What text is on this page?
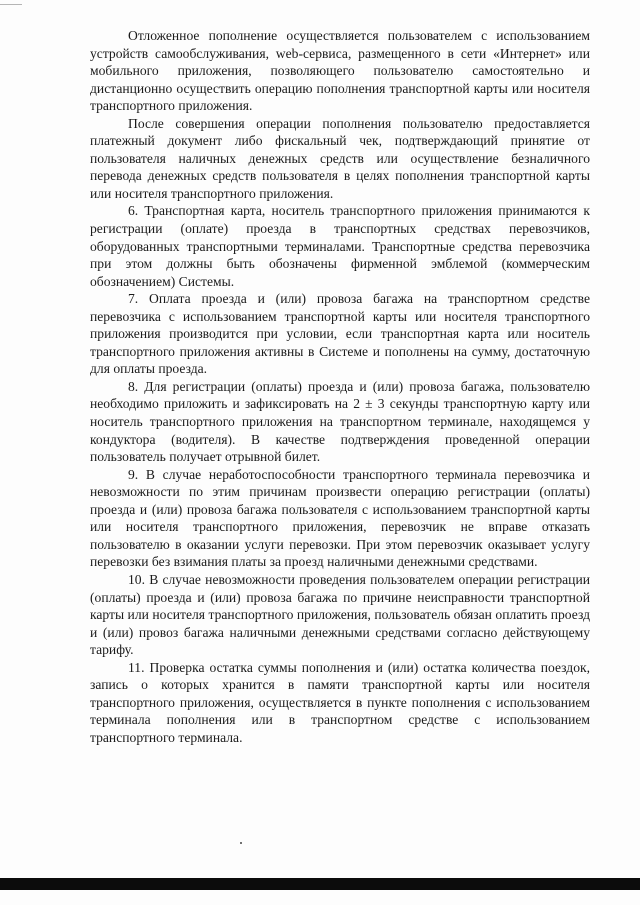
Отложенное пополнение осуществляется пользователем с использованием устройств самообслуживания, web-сервиса, размещенного в сети «Интернет» или мобильного приложения, позволяющего пользователю самостоятельно и дистанционно осуществить операцию пополнения транспортной карты или носителя транспортного приложения.

После совершения операции пополнения пользователю предоставляется платежный документ либо фискальный чек, подтверждающий принятие от пользователя наличных денежных средств или осуществление безналичного перевода денежных средств пользователя в целях пополнения транспортной карты или носителя транспортного приложения.

6. Транспортная карта, носитель транспортного приложения принимаются к регистрации (оплате) проезда в транспортных средствах перевозчиков, оборудованных транспортными терминалами. Транспортные средства перевозчика при этом должны быть обозначены фирменной эмблемой (коммерческим обозначением) Системы.

7. Оплата проезда и (или) провоза багажа на транспортном средстве перевозчика с использованием транспортной карты или носителя транспортного приложения производится при условии, если транспортная карта или носитель транспортного приложения активны в Системе и пополнены на сумму, достаточную для оплаты проезда.

8. Для регистрации (оплаты) проезда и (или) провоза багажа, пользователю необходимо приложить и зафиксировать на 2 ± 3 секунды транспортную карту или носитель транспортного приложения на транспортном терминале, находящемся у кондуктора (водителя). В качестве подтверждения проведенной операции пользователь получает отрывной билет.

9. В случае неработоспособности транспортного терминала перевозчика и невозможности по этим причинам произвести операцию регистрации (оплаты) проезда и (или) провоза багажа пользователя с использованием транспортной карты или носителя транспортного приложения, перевозчик не вправе отказать пользователю в оказании услуги перевозки. При этом перевозчик оказывает услугу перевозки без взимания платы за проезд наличными денежными средствами.

10. В случае невозможности проведения пользователем операции регистрации (оплаты) проезда и (или) провоза багажа по причине неисправности транспортной карты или носителя транспортного приложения, пользователь обязан оплатить проезд и (или) провоз багажа наличными денежными средствами согласно действующему тарифу.

11. Проверка остатка суммы пополнения и (или) остатка количества поездок, запись о которых хранится в памяти транспортной карты или носителя транспортного приложения, осуществляется в пункте пополнения с использованием терминала пополнения или в транспортном средстве с использованием транспортного терминала.
